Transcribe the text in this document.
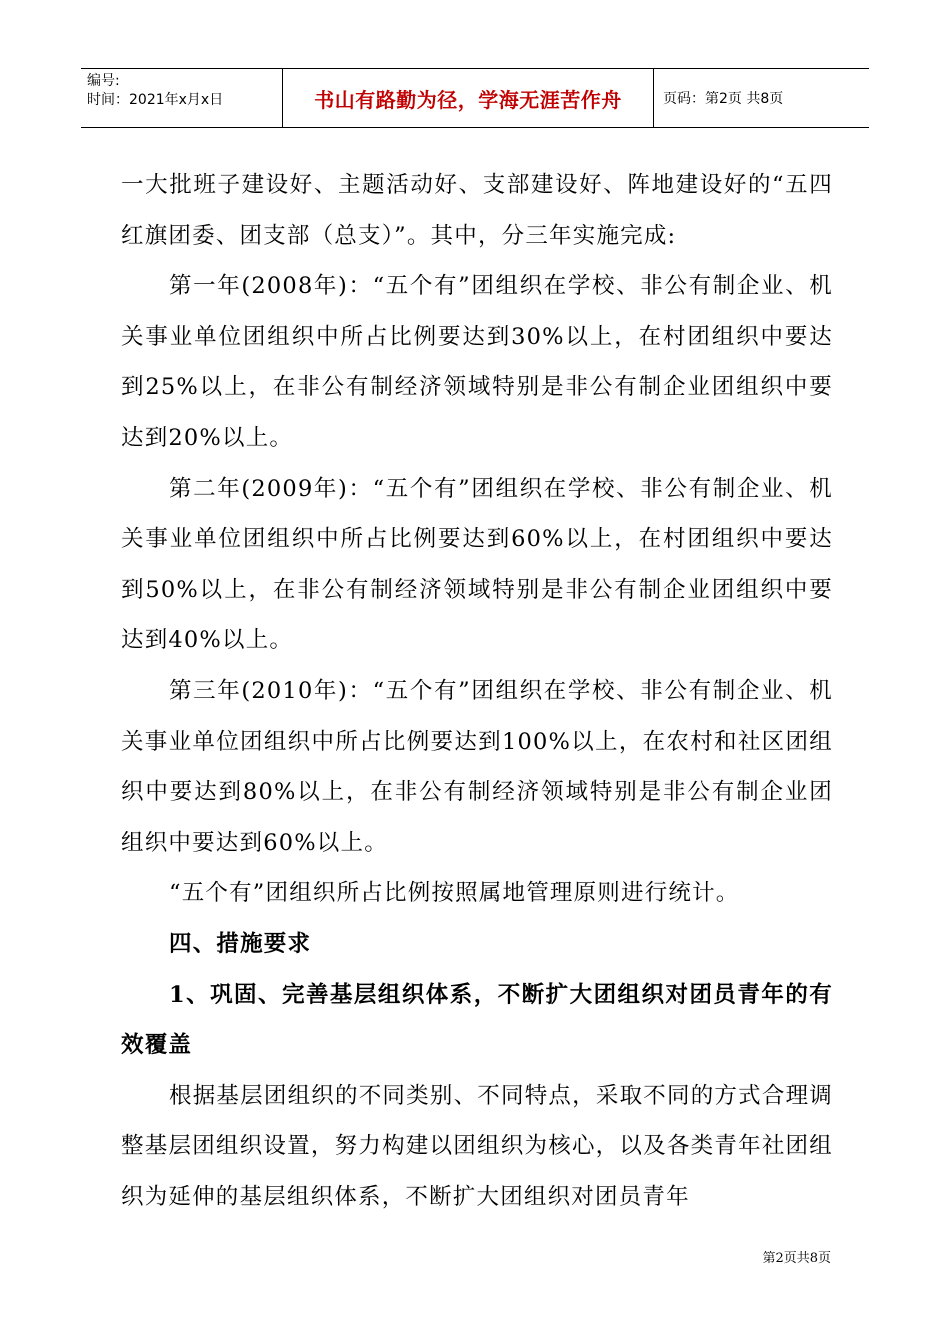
编号:
时间：2021年x月x日	书山有路勤为径，学海无涯苦作舟	页码：第2页 共8页

一大批班子建设好、主题活动好、支部建设好、阵地建设好的“五四红旗团委、团支部（总支）”。其中，分三年实施完成:

第一年(2008年)：“五个有”团组织在学校、非公有制企业、机关事业单位团组织中所占比例要达到30%以上，在村团组织中要达到25%以上，在非公有制经济领域特别是非公有制企业团组织中要达到20%以上。

第二年(2009年)：“五个有”团组织在学校、非公有制企业、机关事业单位团组织中所占比例要达到60%以上，在村团组织中要达到50%以上，在非公有制经济领域特别是非公有制企业团组织中要达到40%以上。

第三年(2010年)：“五个有”团组织在学校、非公有制企业、机关事业单位团组织中所占比例要达到100%以上，在农村和社区团组织中要达到80%以上，在非公有制经济领域特别是非公有制企业团组织中要达到60%以上。

“五个有”团组织所占比例按照属地管理原则进行统计。

四、措施要求

1、巩固、完善基层组织体系，不断扩大团组织对团员青年的有效覆盖

根据基层团组织的不同类别、不同特点，采取不同的方式合理调整基层团组织设置，努力构建以团组织为核心，以及各类青年社团组织为延伸的基层组织体系，不断扩大团组织对团员青年

第2页共8页
